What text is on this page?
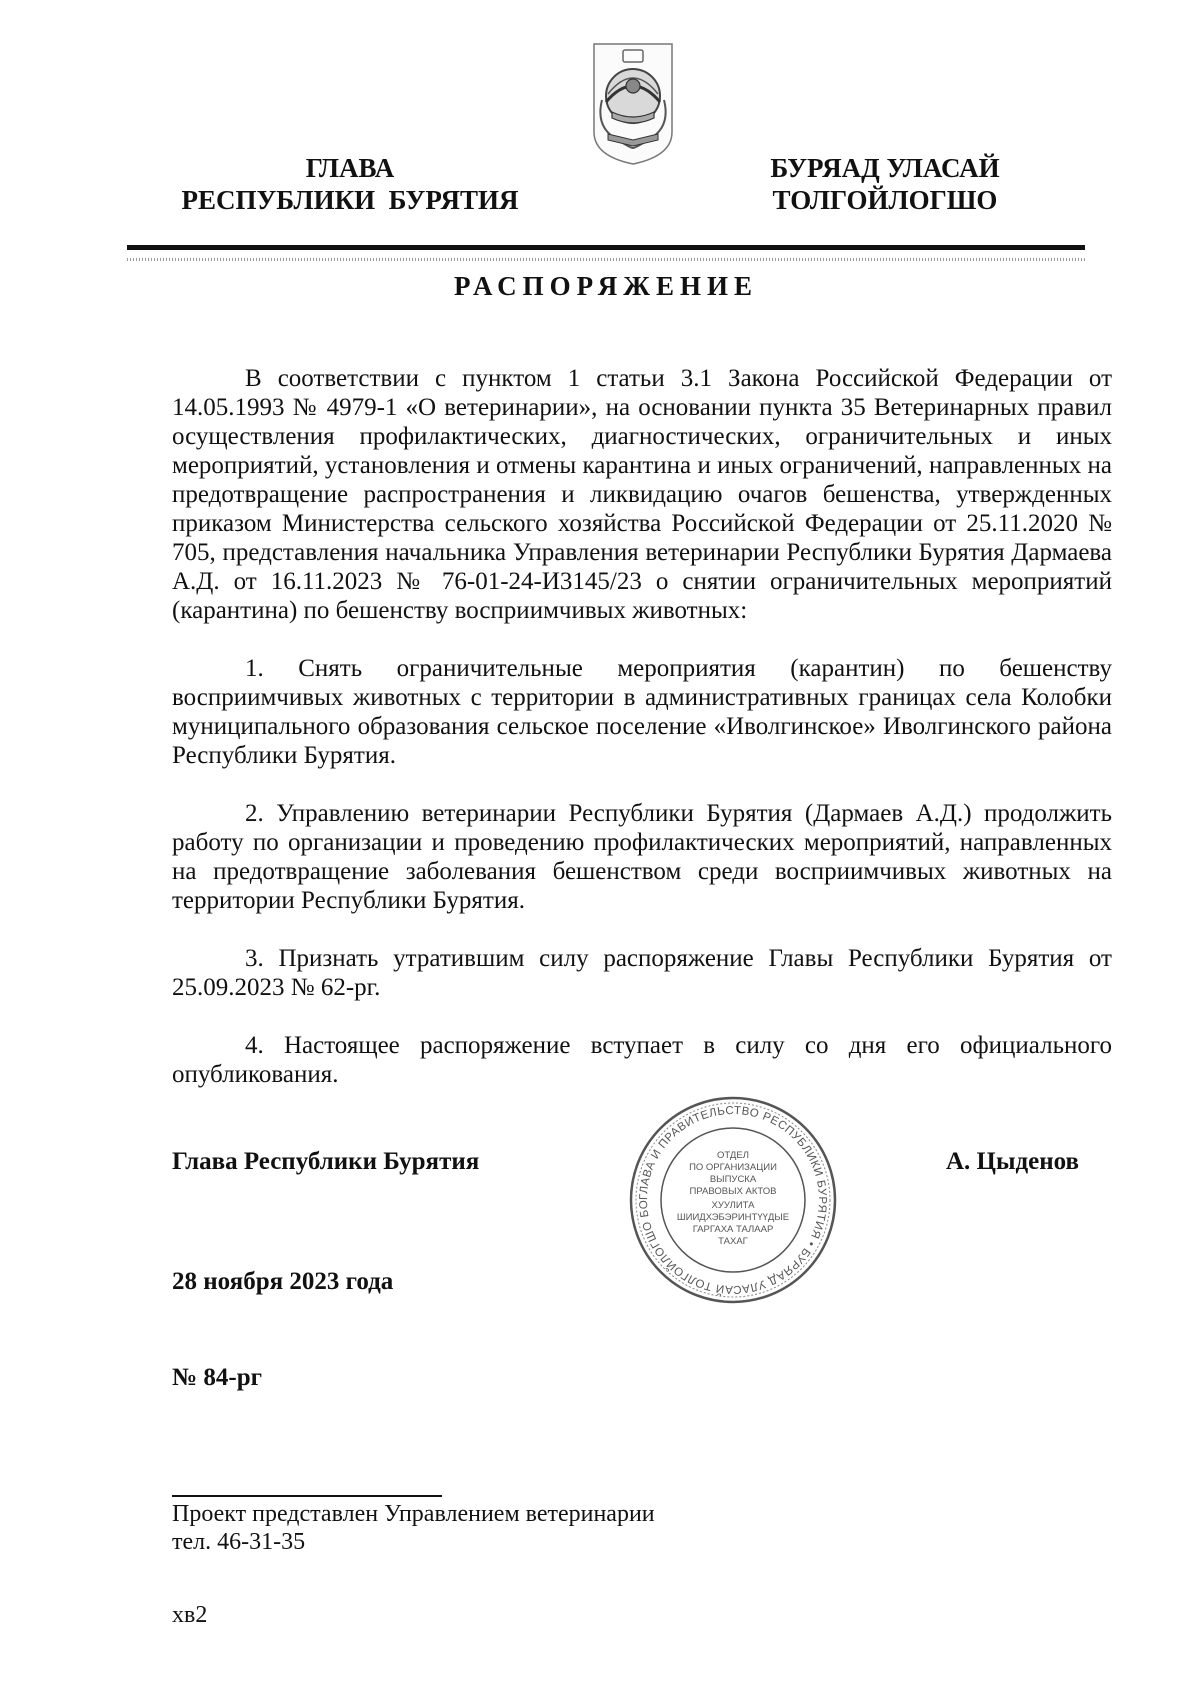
ГЛАВА
РЕСПУБЛИКИ  БУРЯТИЯ
БУРЯАД УЛАСАЙ
ТОЛГОЙЛОГШО
РАСПОРЯЖЕНИЕ

В соответствии с пунктом 1 статьи 3.1 Закона Российской Федерации от 14.05.1993 № 4979-1 «О ветеринарии», на основании пункта 35 Ветеринарных правил осуществления профилактических, диагностических, ограничительных и иных мероприятий, установления и отмены карантина и иных ограничений, направленных на предотвращение распространения и ликвидацию очагов бешенства, утвержденных приказом Министерства сельского хозяйства Российской Федерации от 25.11.2020 № 705, представления начальника Управления ветеринарии Республики Бурятия Дармаева А.Д. от 16.11.2023 № 76-01-24-И3145/23 о снятии ограничительных мероприятий (карантина) по бешенству восприимчивых животных:

1. Снять ограничительные мероприятия (карантин) по бешенству восприимчивых животных с территории в административных границах села Колобки муниципального образования сельское поселение «Иволгинское» Иволгинского района Республики Бурятия.

2. Управлению ветеринарии Республики Бурятия (Дармаев А.Д.) продолжить работу по организации и проведению профилактических мероприятий, направленных на предотвращение заболевания бешенством среди восприимчивых животных на территории Республики Бурятия.

3. Признать утратившим силу распоряжение Главы Республики Бурятия от 25.09.2023 № 62-рг.

4. Настоящее распоряжение вступает в силу со дня его официального опубликования.

Глава Республики Бурятия	А. Цыденов
ГЛАВА И ПРАВИТЕЛЬСТВО РЕСПУБЛИКИ БУРЯТИЯ • БУРЯАД УЛАСАЙ ТОЛГОЙЛОГШО БО
ОТДЕЛ
ПО ОРГАНИЗАЦИИ
ВЫПУСКА
ПРАВОВЫХ АКТОВ
ХУУЛИТА
ШИИДХЭБЭРИНТҮҮДЫЕ
ГАРГАХА ТАЛААР
ТАХАГ
28 ноября 2023 года
№ 84-рг
Проект представлен Управлением ветеринарии
тел. 46-31-35
хв2
